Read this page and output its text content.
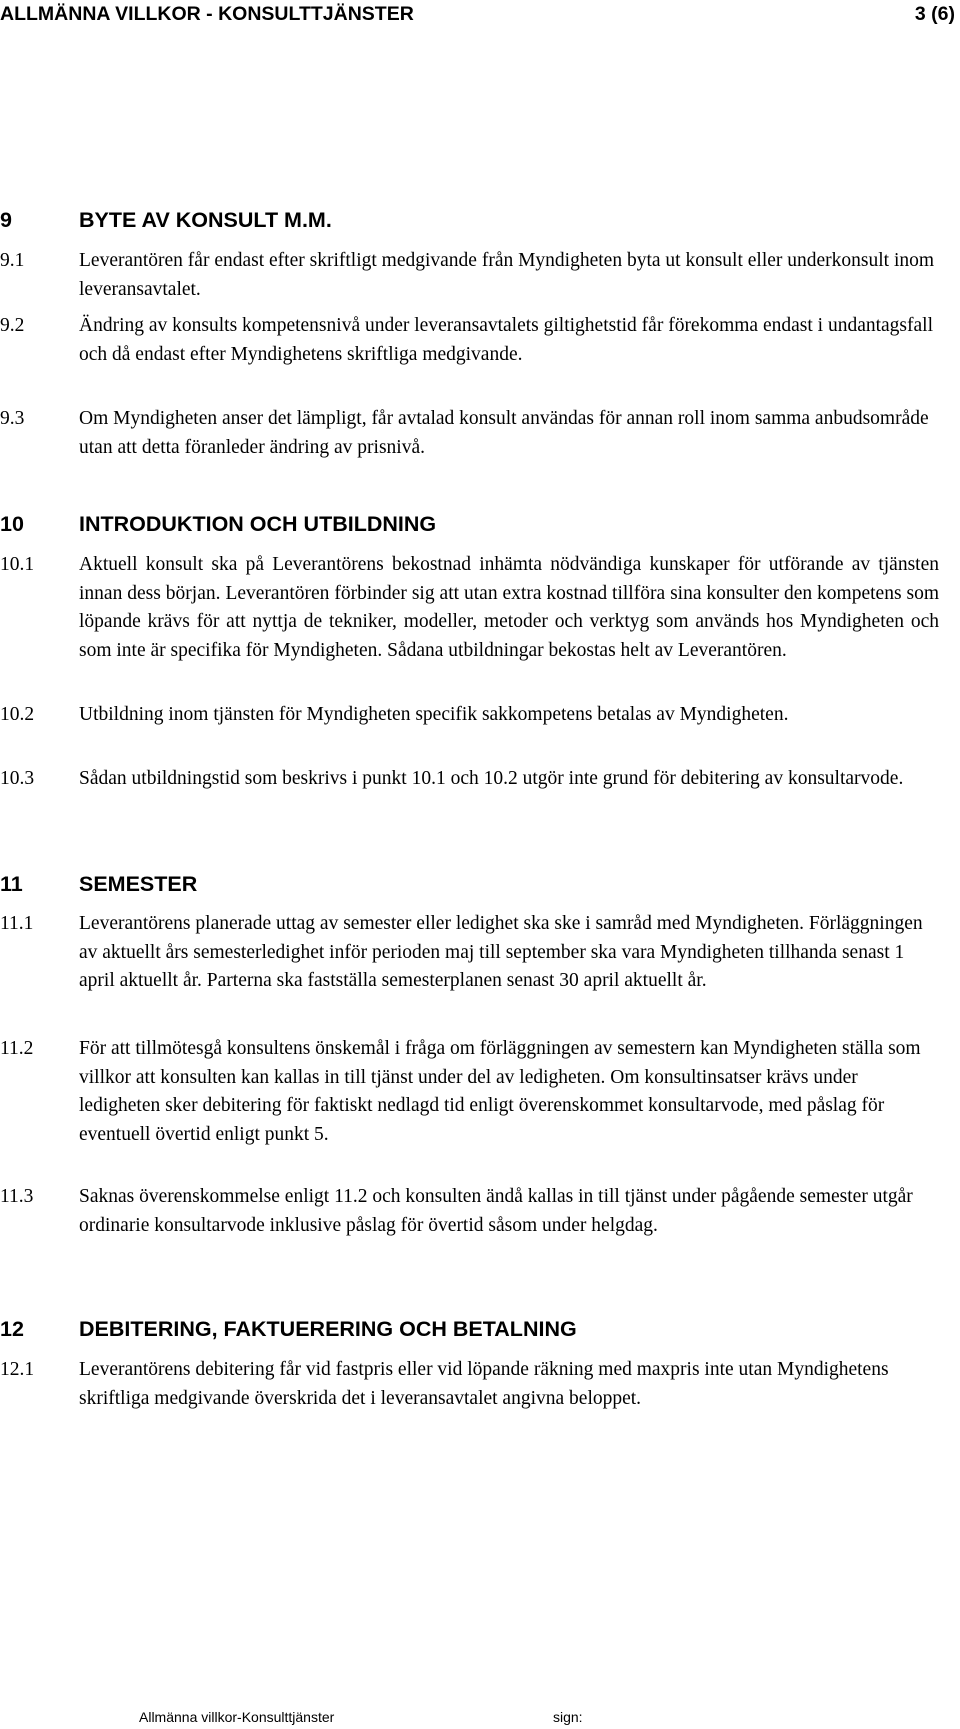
ALLMÄNNA VILLKOR - KONSULTTJÄNSTER	3 (6)
9	BYTE AV KONSULT M.M.
9.1	Leverantören får endast efter skriftligt medgivande från Myndigheten byta ut konsult eller underkonsult inom leveransavtalet.
9.2	Ändring av konsults kompetensnivå under leveransavtalets giltighetstid får förekomma endast i undantagsfall och då endast efter Myndighetens skriftliga medgivande.
9.3	Om Myndigheten anser det lämpligt, får avtalad konsult användas för annan roll inom samma anbudsområde utan att detta föranleder ändring av prisnivå.
10	INTRODUKTION OCH UTBILDNING
10.1 Aktuell konsult ska på Leverantörens bekostnad inhämta nödvändiga kunskaper för utförande av tjänsten innan dess början. Leverantören förbinder sig att utan extra kostnad tillföra sina konsulter den kompetens som löpande krävs för att nyttja de tekniker, modeller, metoder och verktyg som används hos Myndigheten och som inte är specifika för Myndigheten. Sådana utbildningar bekostas helt av Leverantören.
10.2 Utbildning inom tjänsten för Myndigheten specifik sakkompetens betalas av Myndigheten.
10.3 Sådan utbildningstid som beskrivs i punkt 10.1 och 10.2 utgör inte grund för debitering av konsultarvode.
11	SEMESTER
11.1 Leverantörens planerade uttag av semester eller ledighet ska ske i samråd med Myndigheten. Förläggningen av aktuellt års semesterledighet inför perioden maj till september ska vara Myndigheten tillhanda senast 1 april aktuellt år. Parterna ska fastställa semesterplanen senast 30 april aktuellt år.
11.2 För att tillmötesgå konsultens önskemål i fråga om förläggningen av semestern kan Myndigheten ställa som villkor att konsulten kan kallas in till tjänst under del av ledigheten. Om konsultinsatser krävs under ledigheten sker debitering för faktiskt nedlagd tid enligt överenskommet konsultarvode, med påslag för eventuell övertid enligt punkt 5.
11.3 Saknas överenskommelse enligt 11.2 och konsulten ändå kallas in till tjänst under pågående semester utgår ordinarie konsultarvode inklusive påslag för övertid såsom under helgdag.
12	DEBITERING, FAKTUERERING OCH BETALNING
12.1 Leverantörens debitering får vid fastpris eller vid löpande räkning med maxpris inte utan Myndighetens skriftliga medgivande överskrida det i leveransavtalet angivna beloppet.
Allmänna villkor-Konsulttjänster	sign:
